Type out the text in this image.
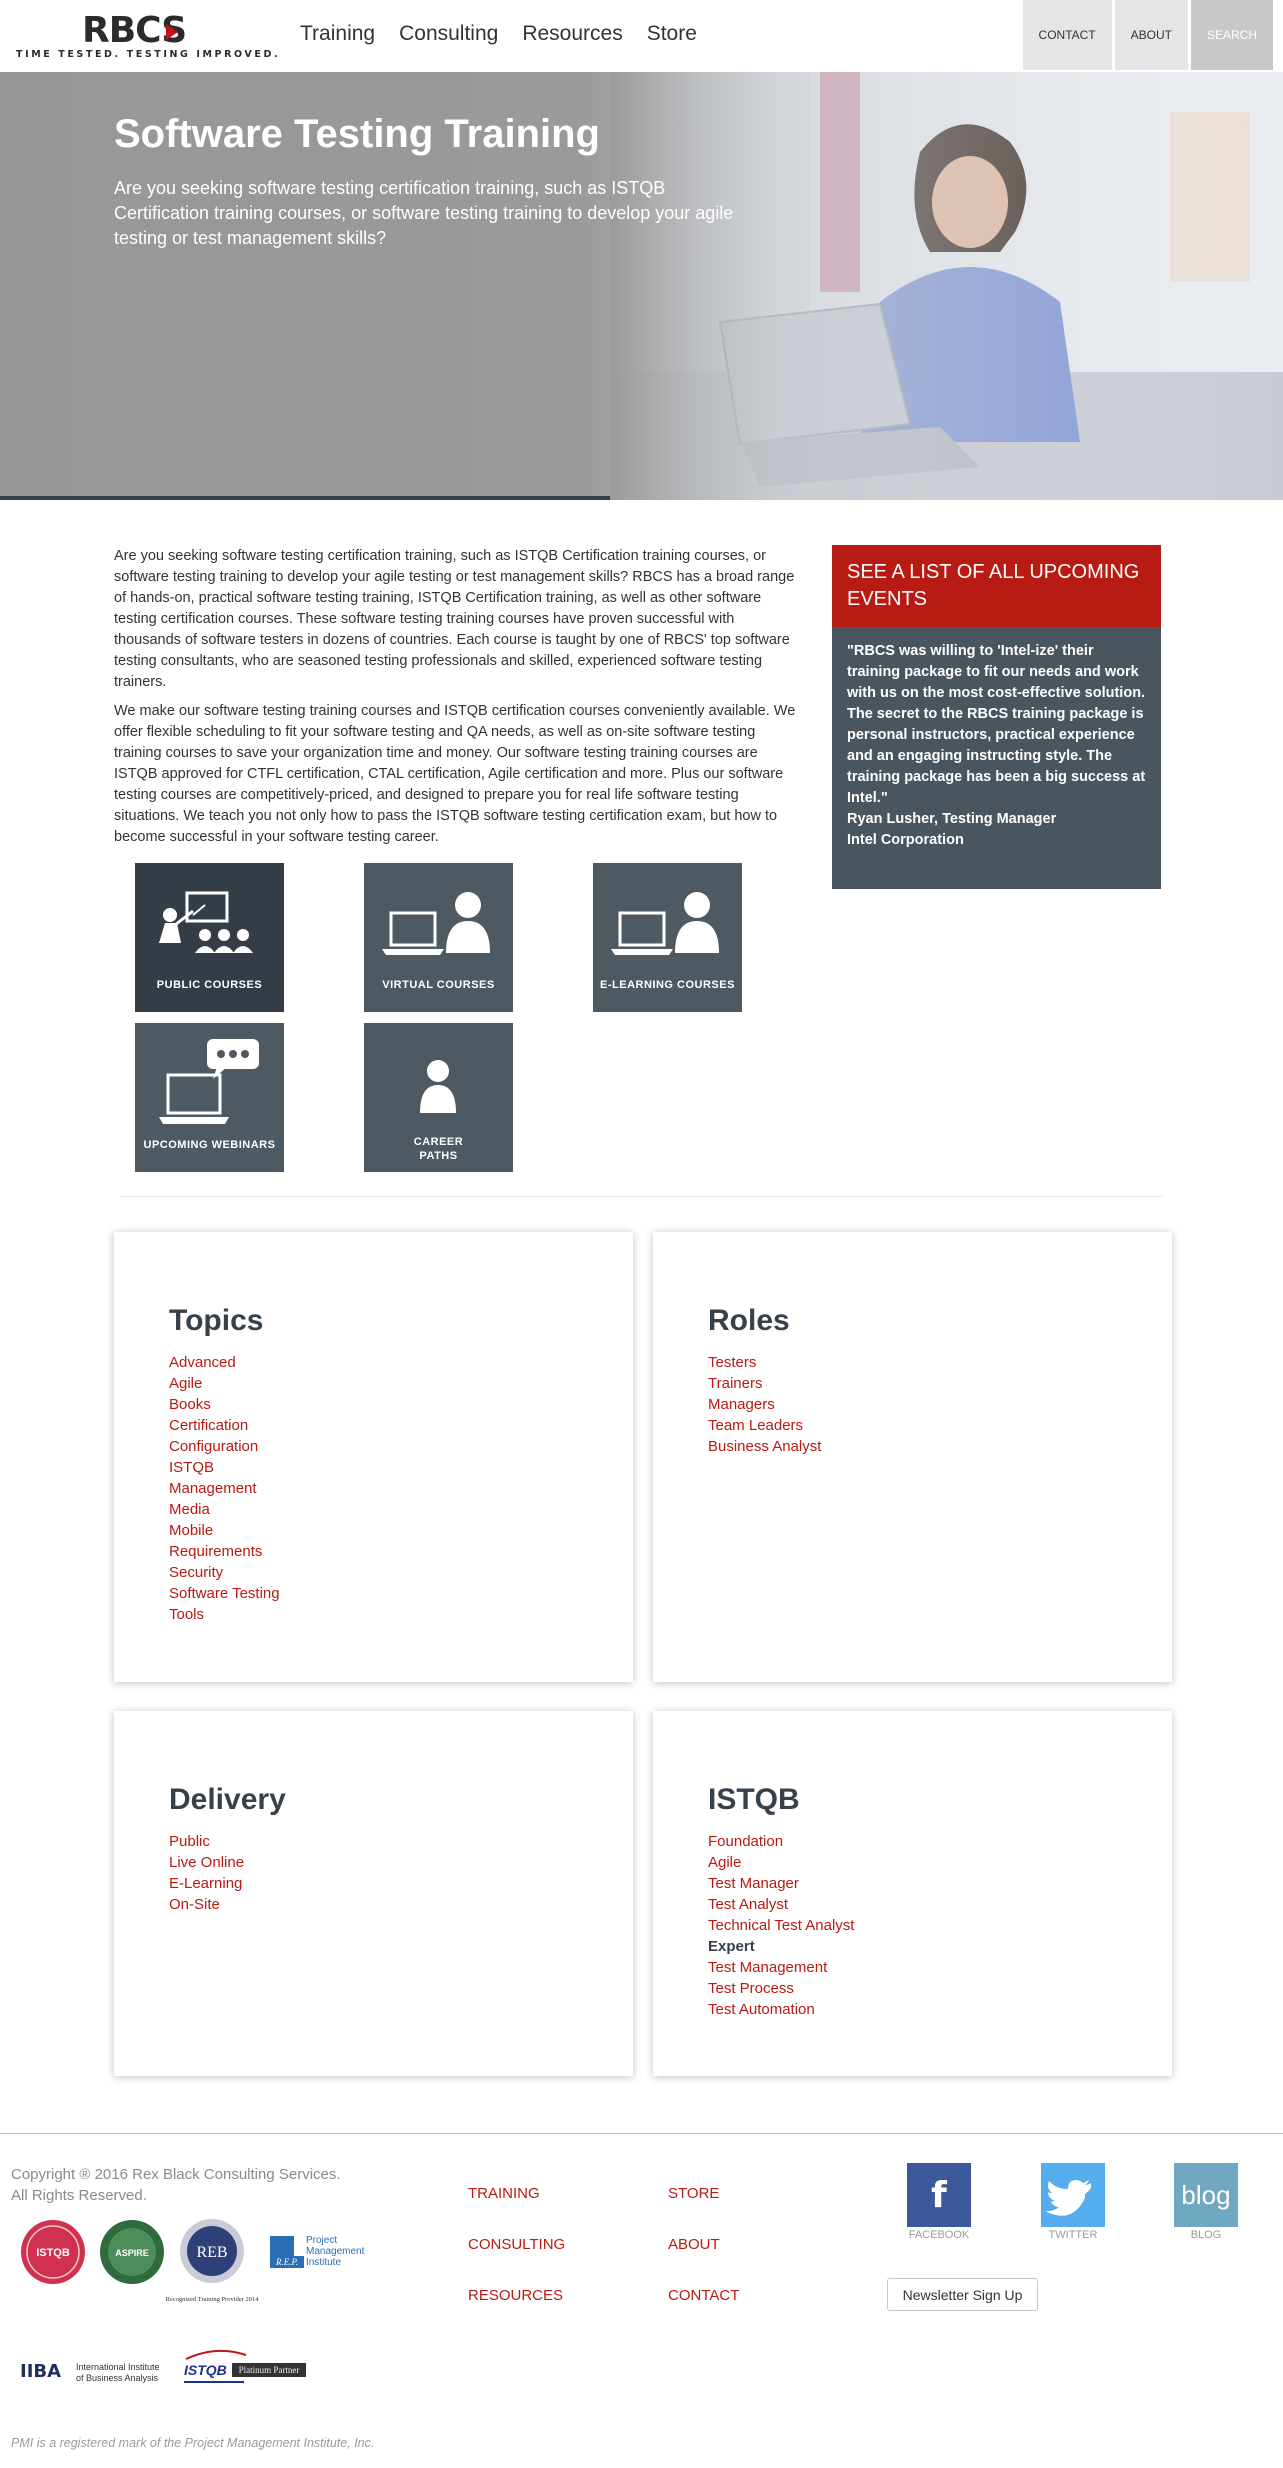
RBCS
TIME TESTED. TESTING IMPROVED.
Training Consulting Resources Store	CONTACT	ABOUT	SEARCH
Software Testing Training

Are you seeking software testing certification training, such as ISTQB Certification training courses, or software testing training to develop your agile testing or test management skills?

Are you seeking software testing certification training, such as ISTQB Certification training courses, or software testing training to develop your agile testing or test management skills? RBCS has a broad range of hands-on, practical software testing training, ISTQB Certification training, as well as other software testing certification courses. These software testing training courses have proven successful with thousands of software testers in dozens of countries. Each course is taught by one of RBCS' top software testing consultants, who are seasoned testing professionals and skilled, experienced software testing trainers.

We make our software testing training courses and ISTQB certification courses conveniently available. We offer flexible scheduling to fit your software testing and QA needs, as well as on-site software testing training courses to save your organization time and money. Our software testing training courses are ISTQB approved for CTFL certification, CTAL certification, Agile certification and more. Plus our software testing courses are competitively-priced, and designed to prepare you for real life software testing situations. We teach you not only how to pass the ISTQB software testing certification exam, but how to become successful in your software testing career.

SEE A LIST OF ALL UPCOMING EVENTS
"RBCS was willing to 'Intel-ize' their training package to fit our needs and work with us on the most cost-effective solution. The secret to the RBCS training package is personal instructors, practical experience and an engaging instructing style. The training package has been a big success at Intel."
Ryan Lusher, Testing Manager
Intel Corporation
PUBLIC COURSES	VIRTUAL COURSES	E-LEARNING COURSES
UPCOMING WEBINARS	CAREER
PATHS
Topics
Advanced
Agile
Books
Certification
Configuration
ISTQB
Management
Media
Mobile
Requirements
Security
Software Testing
Tools
Roles
Testers
Trainers
Managers
Team Leaders
Business Analyst
Delivery
Public
Live Online
E-Learning
On-Site
ISTQB
Foundation
Agile
Test Manager
Test Analyst
Technical Test Analyst
Expert
Test Management
Test Process
Test Automation
Copyright ® 2016 Rex Black Consulting Services.
All Rights Reserved.
ISTQB	ASPIRE	REB
Recognized Training Provider 2014
R.E.P.
Project
Management
Institute
IIBA International Institute
of Business Analysis ISTQB Platinum Partner
TRAINING
CONSULTING
RESOURCES
STORE
ABOUT
CONTACT
f
FACEBOOK	TWITTER
blog
BLOG
Newsletter Sign Up
PMI is a registered mark of the Project Management Institute, Inc.
